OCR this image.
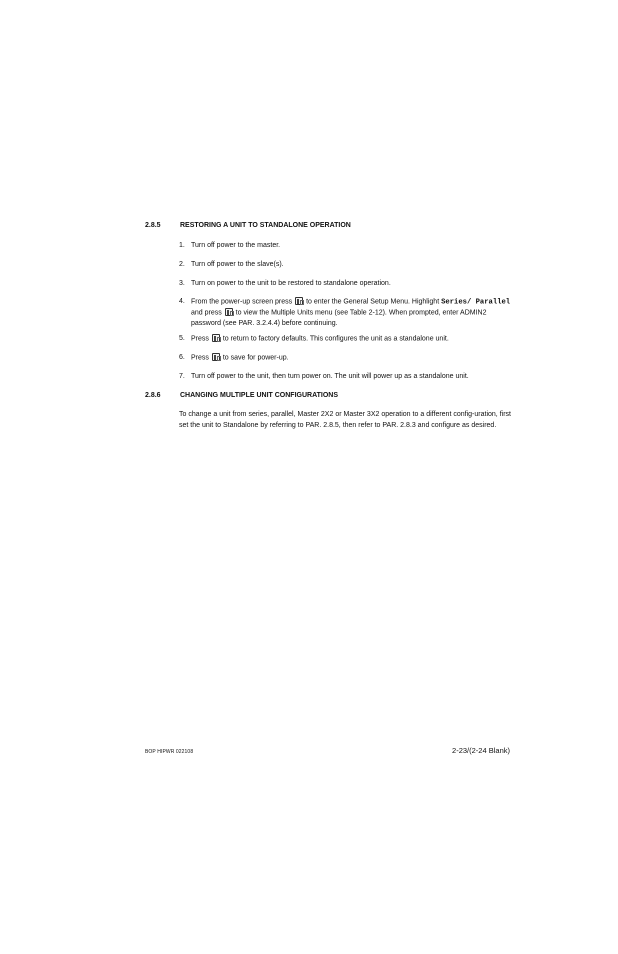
2.8.5	RESTORING A UNIT TO STANDALONE OPERATION
1. Turn off power to the master.
2. Turn off power to the slave(s).
3. Turn on power to the unit to be restored to standalone operation.
4. From the power-up screen press to enter the General Setup Menu. Highlight Series/ Parallel and press to view the Multiple Units menu (see Table 2-12). When prompted, enter ADMIN2 password (see PAR. 3.2.4.4) before continuing.
5. Press to return to factory defaults. This configures the unit as a standalone unit.
6. Press to save for power-up.
7. Turn off power to the unit, then turn power on. The unit will power up as a standalone unit.
2.8.6	CHANGING MULTIPLE UNIT CONFIGURATIONS
To change a unit from series, parallel, Master 2X2 or Master 3X2 operation to a different config-uration, first set the unit to Standalone by referring to PAR. 2.8.5, then refer to PAR. 2.8.3 and configure as desired.
BOP HIPWR 022108	2-23/(2-24 Blank)
